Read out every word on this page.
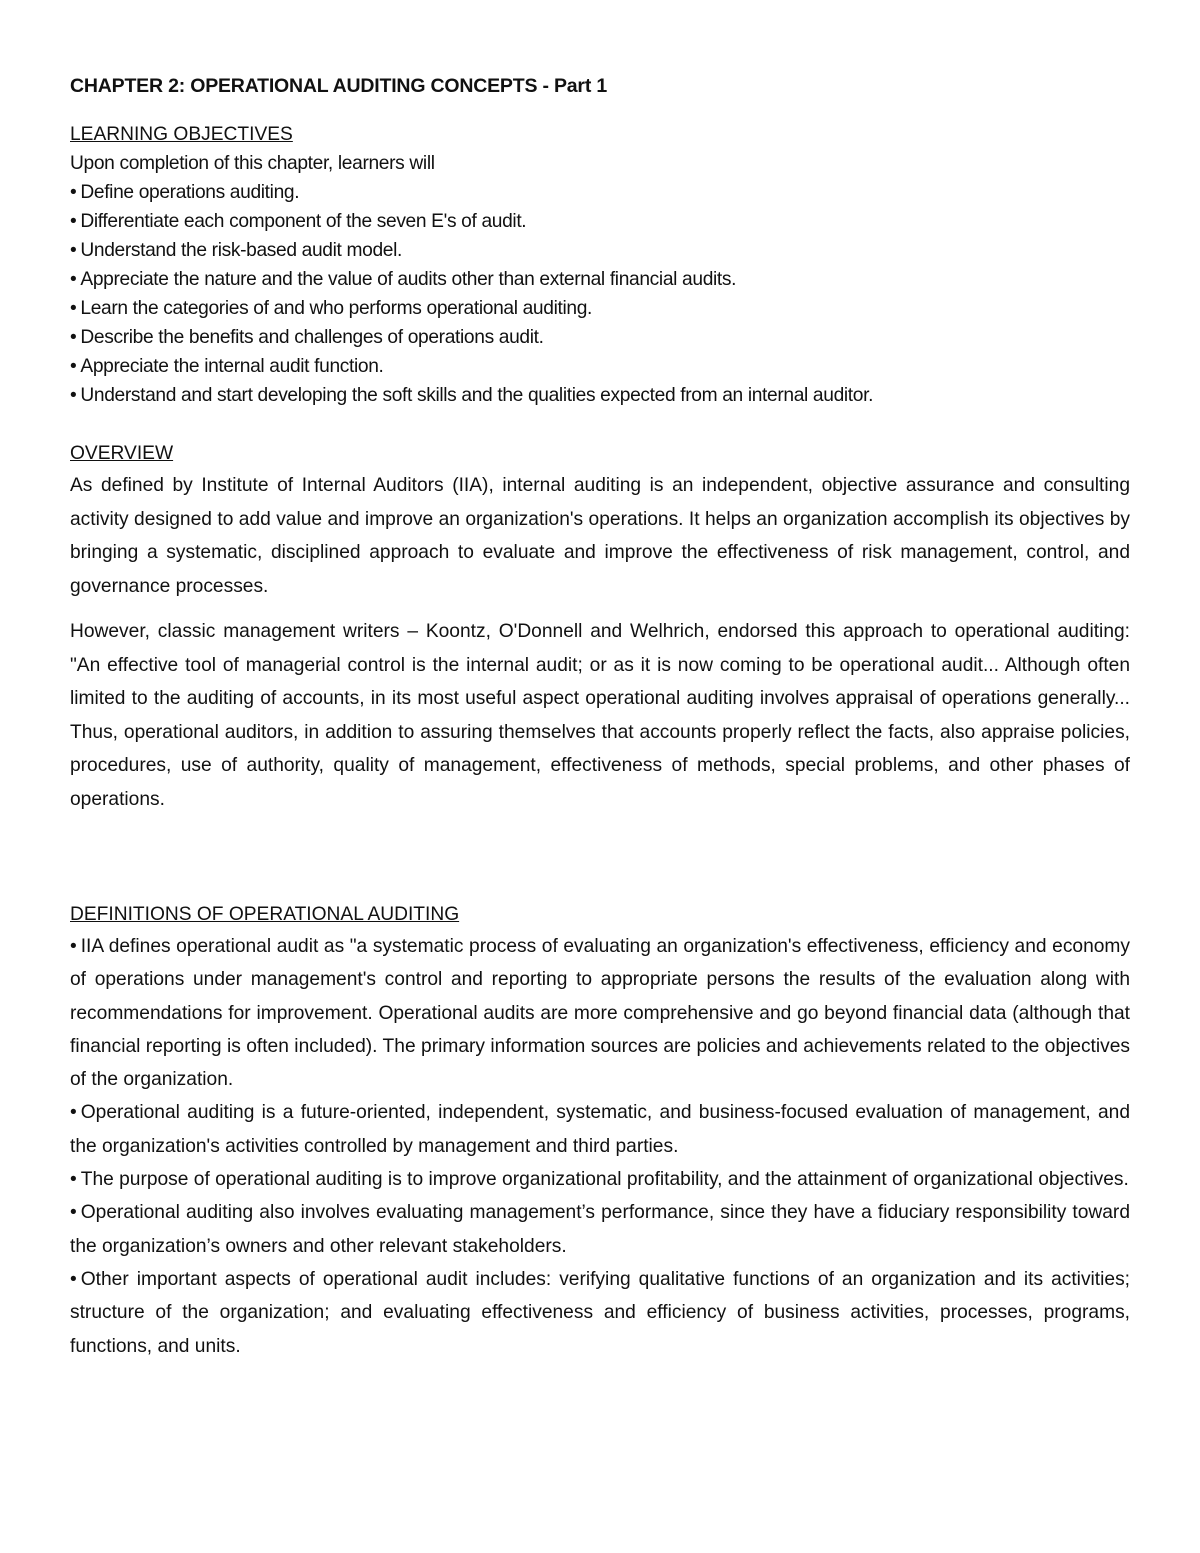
CHAPTER 2: OPERATIONAL AUDITING CONCEPTS - Part 1

LEARNING OBJECTIVES

Upon completion of this chapter, learners will

• Define operations auditing.

• Differentiate each component of the seven E's of audit.

• Understand the risk-based audit model.

• Appreciate the nature and the value of audits other than external financial audits.

• Learn the categories of and who performs operational auditing.

• Describe the benefits and challenges of operations audit.

• Appreciate the internal audit function.

• Understand and start developing the soft skills and the qualities expected from an internal auditor.

OVERVIEW

As defined by Institute of Internal Auditors (IIA), internal auditing is an independent, objective assurance and consulting activity designed to add value and improve an organization's operations. It helps an organization accomplish its objectives by bringing a systematic, disciplined approach to evaluate and improve the effectiveness of risk management, control, and governance processes.

However, classic management writers – Koontz, O'Donnell and Welhrich, endorsed this approach to operational auditing: "An effective tool of managerial control is the internal audit; or as it is now coming to be operational audit... Although often limited to the auditing of accounts, in its most useful aspect operational auditing involves appraisal of operations generally... Thus, operational auditors, in addition to assuring themselves that accounts properly reflect the facts, also appraise policies, procedures, use of authority, quality of management, effectiveness of methods, special problems, and other phases of operations.

DEFINITIONS OF OPERATIONAL AUDITING

• IIA defines operational audit as "a systematic process of evaluating an organization's effectiveness, efficiency and economy of operations under management's control and reporting to appropriate persons the results of the evaluation along with recommendations for improvement. Operational audits are more comprehensive and go beyond financial data (although that financial reporting is often included). The primary information sources are policies and achievements related to the objectives of the organization.

• Operational auditing is a future-oriented, independent, systematic, and business-focused evaluation of management, and the organization's activities controlled by management and third parties.

• The purpose of operational auditing is to improve organizational profitability, and the attainment of organizational objectives.

• Operational auditing also involves evaluating management’s performance, since they have a fiduciary responsibility toward the organization’s owners and other relevant stakeholders.

• Other important aspects of operational audit includes: verifying qualitative functions of an organization and its activities; structure of the organization; and evaluating effectiveness and efficiency of business activities, processes, programs, functions, and units.
